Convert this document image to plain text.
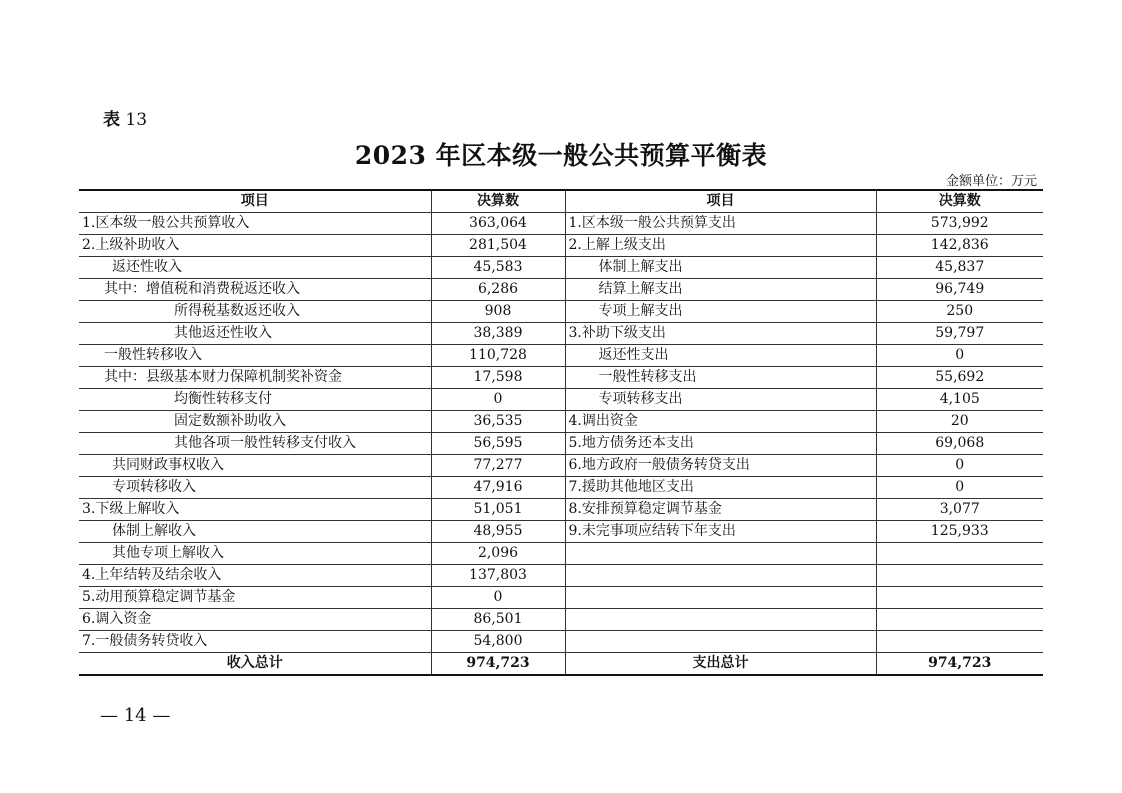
表 13
2023 年区本级一般公共预算平衡表
金额单位：万元
项目	决算数	项目	决算数
1.区本级一般公共预算收入	363,064	1.区本级一般公共预算支出	573,992
2.上级补助收入	281,504	2.上解上级支出	142,836
返还性收入	45,583	体制上解支出	45,837
其中：增值税和消费税返还收入	6,286	结算上解支出	96,749
所得税基数返还收入	908	专项上解支出	250
其他返还性收入	38,389	3.补助下级支出	59,797
一般性转移收入	110,728	返还性支出	0
其中：县级基本财力保障机制奖补资金	17,598	一般性转移支出	55,692
均衡性转移支付	0	专项转移支出	4,105
固定数额补助收入	36,535	4.调出资金	20
其他各项一般性转移支付收入	56,595	5.地方债务还本支出	69,068
共同财政事权收入	77,277	6.地方政府一般债务转贷支出	0
专项转移收入	47,916	7.援助其他地区支出	0
3.下级上解收入	51,051	8.安排预算稳定调节基金	3,077
体制上解收入	48,955	9.未完事项应结转下年支出	125,933
其他专项上解收入	2,096		
4.上年结转及结余收入	137,803		
5.动用预算稳定调节基金	0		
6.调入资金	86,501		
7.一般债务转贷收入	54,800		
收入总计	974,723	支出总计	974,723
— 14 —
